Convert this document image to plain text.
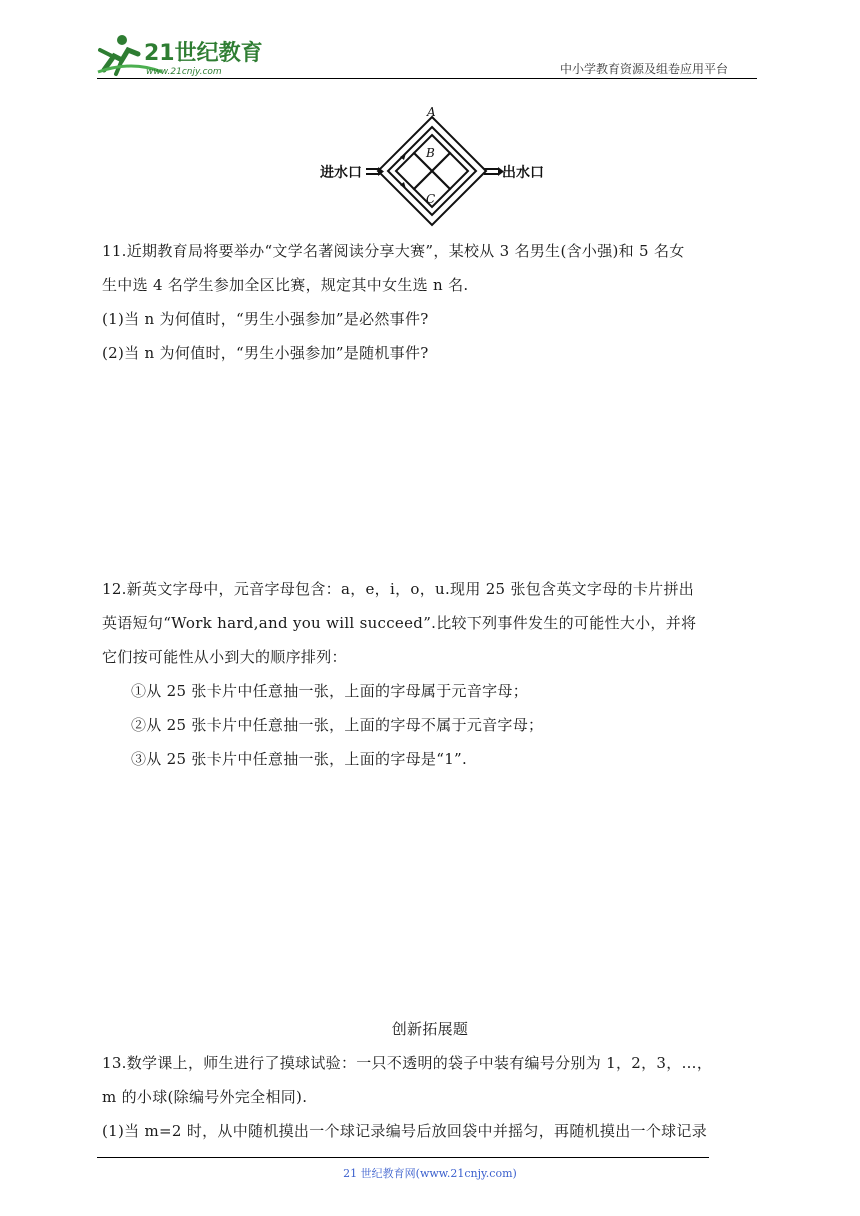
21世纪教育
www.21cnjy.com	中小学教育资源及组卷应用平台
A
B
C
进水口	出水口
11.近期教育局将要举办“文学名著阅读分享大赛”，某校从 3 名男生(含小强)和 5 名女
生中选 4 名学生参加全区比赛，规定其中女生选 n 名.
(1)当 n 为何值时，“男生小强参加”是必然事件?
(2)当 n 为何值时，“男生小强参加”是随机事件?
12.新英文字母中，元音字母包含：a，e，i，o，u.现用 25 张包含英文字母的卡片拼出
英语短句“Work hard,and you will succeed”.比较下列事件发生的可能性大小，并将
它们按可能性从小到大的顺序排列：
①从 25 张卡片中任意抽一张，上面的字母属于元音字母；
②从 25 张卡片中任意抽一张，上面的字母不属于元音字母；
③从 25 张卡片中任意抽一张，上面的字母是“1”.
创新拓展题
13.数学课上，师生进行了摸球试验：一只不透明的袋子中装有编号分别为 1，2，3，…，
m 的小球(除编号外完全相同).
(1)当 m=2 时，从中随机摸出一个球记录编号后放回袋中并摇匀，再随机摸出一个球记录
21 世纪教育网(www.21cnjy.com)
